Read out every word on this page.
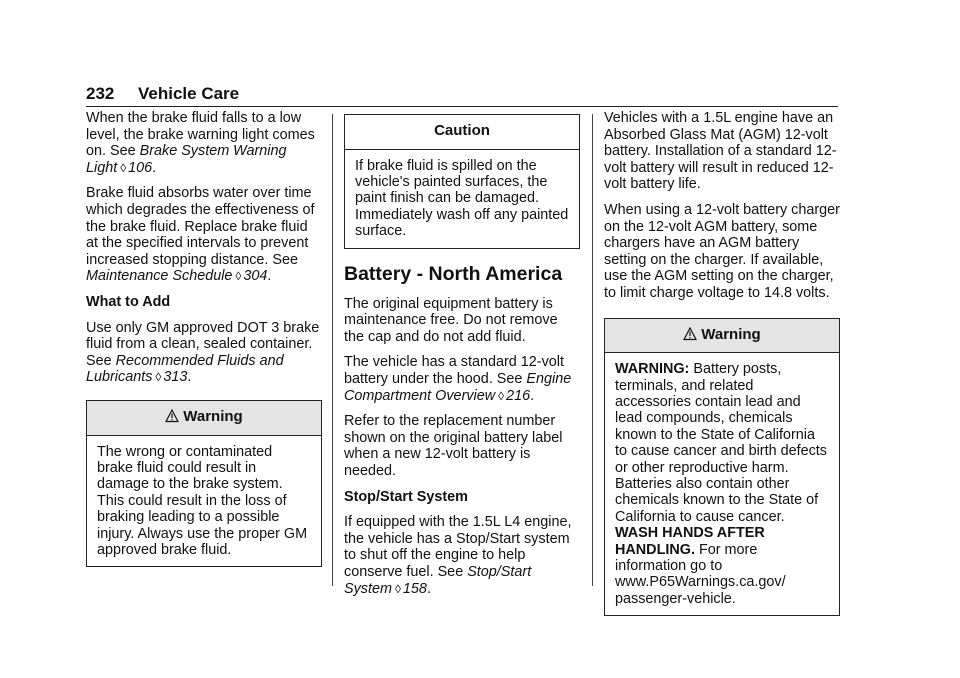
232 Vehicle Care

When the brake fluid falls to a low level, the brake warning light comes on. See Brake System Warning Light ◊ 106.

Brake fluid absorbs water over time which degrades the effectiveness of the brake fluid. Replace brake fluid at the specified intervals to prevent increased stopping distance. See Maintenance Schedule ◊ 304.

What to Add

Use only GM approved DOT 3 brake fluid from a clean, sealed container. See Recommended Fluids and Lubricants ◊ 313.

Warning
The wrong or contaminated brake fluid could result in damage to the brake system. This could result in the loss of braking leading to a possible injury. Always use the proper GM approved brake fluid.
Caution
If brake fluid is spilled on the vehicle's painted surfaces, the paint finish can be damaged. Immediately wash off any painted surface.
Battery - North America

The original equipment battery is maintenance free. Do not remove the cap and do not add fluid.

The vehicle has a standard 12-volt battery under the hood. See Engine Compartment Overview ◊ 216.

Refer to the replacement number shown on the original battery label when a new 12-volt battery is needed.

Stop/Start System

If equipped with the 1.5L L4 engine, the vehicle has a Stop/Start system to shut off the engine to help conserve fuel. See Stop/Start System ◊ 158.

Vehicles with a 1.5L engine have an Absorbed Glass Mat (AGM) 12-volt battery. Installation of a standard 12-volt battery will result in reduced 12-volt battery life.

When using a 12-volt battery charger on the 12-volt AGM battery, some chargers have an AGM battery setting on the charger. If available, use the AGM setting on the charger, to limit charge voltage to 14.8 volts.

Warning
WARNING: Battery posts, terminals, and related accessories contain lead and lead compounds, chemicals known to the State of California to cause cancer and birth defects or other reproductive harm. Batteries also contain other chemicals known to the State of California to cause cancer. WASH HANDS AFTER HANDLING. For more information go to www.P65Warnings.ca.gov/ passenger-vehicle.
